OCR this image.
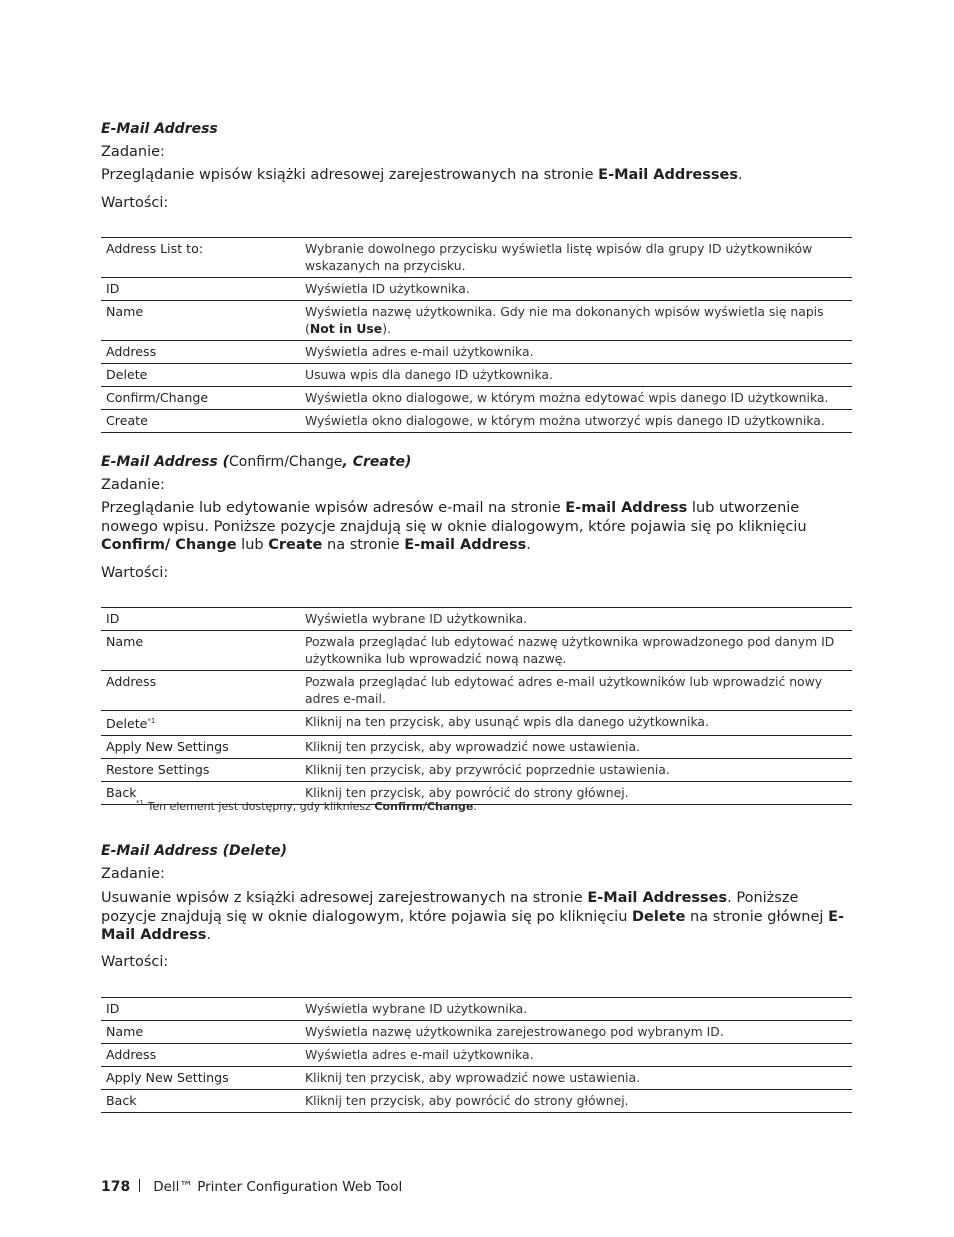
E-Mail Address
Zadanie:
Przeglądanie wpisów książki adresowej zarejestrowanych na stronie E-Mail Addresses.
Wartości:
Address List to:	Wybranie dowolnego przycisku wyświetla listę wpisów dla grupy ID użytkowników wskazanych na przycisku.
ID	Wyświetla ID użytkownika.
Name	Wyświetla nazwę użytkownika. Gdy nie ma dokonanych wpisów wyświetla się napis (Not in Use).
Address	Wyświetla adres e-mail użytkownika.
Delete	Usuwa wpis dla danego ID użytkownika.
Confirm/Change	Wyświetla okno dialogowe, w którym można edytować wpis danego ID użytkownika.
Create	Wyświetla okno dialogowe, w którym można utworzyć wpis danego ID użytkownika.
E-Mail Address (Confirm/Change, Create)
Zadanie:
Przeglądanie lub edytowanie wpisów adresów e-mail na stronie E-mail Address lub utworzenie nowego wpisu. Poniższe pozycje znajdują się w oknie dialogowym, które pojawia się po kliknięciu Confirm/ Change lub Create na stronie E-mail Address.
Wartości:
ID	Wyświetla wybrane ID użytkownika.
Name	Pozwala przeglądać lub edytować nazwę użytkownika wprowadzonego pod danym ID użytkownika lub wprowadzić nową nazwę.
Address	Pozwala przeglądać lub edytować adres e-mail użytkowników lub wprowadzić nowy adres e-mail.
Delete$^{*1}$	Kliknij na ten przycisk, aby usunąć wpis dla danego użytkownika.
Apply New Settings	Kliknij ten przycisk, aby wprowadzić nowe ustawienia.
Restore Settings	Kliknij ten przycisk, aby przywrócić poprzednie ustawienia.
Back	Kliknij ten przycisk, aby powrócić do strony głównej.
$^{*1}$ Ten element jest dostępny, gdy klikniesz Confirm/Change.
E-Mail Address (Delete)
Zadanie:
Usuwanie wpisów z książki adresowej zarejestrowanych na stronie E-Mail Addresses. Poniższe pozycje znajdują się w oknie dialogowym, które pojawia się po kliknięciu Delete na stronie głównej E-Mail Address.
Wartości:
ID	Wyświetla wybrane ID użytkownika.
Name	Wyświetla nazwę użytkownika zarejestrowanego pod wybranym ID.
Address	Wyświetla adres e-mail użytkownika.
Apply New Settings	Kliknij ten przycisk, aby wprowadzić nowe ustawienia.
Back	Kliknij ten przycisk, aby powrócić do strony głównej.
178 Dell™ Printer Configuration Web Tool
